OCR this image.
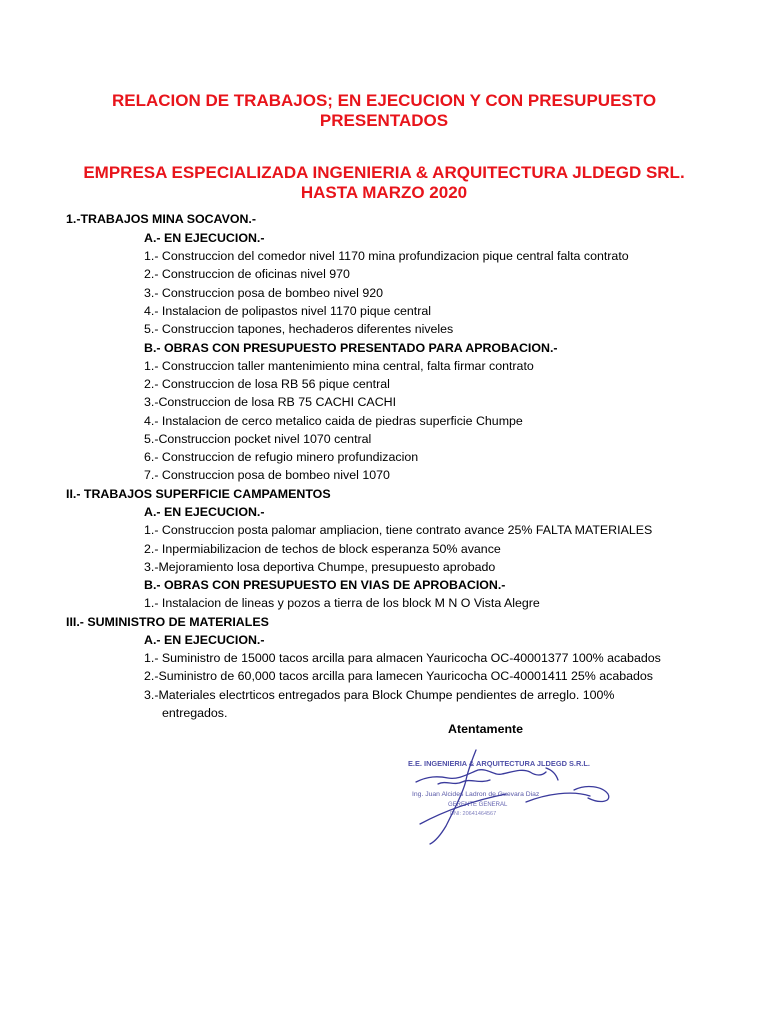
RELACION DE TRABAJOS; EN EJECUCION Y CON PRESUPUESTO
PRESENTADOS
EMPRESA ESPECIALIZADA INGENIERIA & ARQUITECTURA JLDEGD SRL.
HASTA MARZO 2020
1.-TRABAJOS MINA SOCAVON.-
A.- EN EJECUCION.-
1.- Construccion del comedor nivel 1170 mina profundizacion pique central falta contrato
2.- Construccion de oficinas nivel 970
3.- Construccion posa de bombeo nivel 920
4.- Instalacion de polipastos nivel 1170 pique central
5.- Construccion tapones, hechaderos diferentes niveles
B.- OBRAS CON PRESUPUESTO PRESENTADO PARA APROBACION.-
1.- Construccion taller mantenimiento mina central, falta firmar contrato
2.- Construccion de losa RB 56 pique central
3.-Construccion de losa RB 75 CACHI CACHI
4.- Instalacion de cerco metalico caida de piedras superficie Chumpe
5.-Construccion pocket nivel 1070 central
6.- Construccion de refugio minero profundizacion
7.- Construccion posa de bombeo nivel 1070
II.- TRABAJOS SUPERFICIE CAMPAMENTOS
A.- EN EJECUCION.-
1.- Construccion posta palomar ampliacion, tiene contrato avance 25% FALTA MATERIALES
2.- Inpermiabilizacion de techos de block esperanza 50% avance
3.-Mejoramiento losa deportiva Chumpe, presupuesto aprobado
B.- OBRAS CON PRESUPUESTO EN VIAS DE APROBACION.-
1.- Instalacion de lineas y pozos a tierra de los block M N O Vista Alegre
III.- SUMINISTRO DE MATERIALES
A.- EN EJECUCION.-
1.- Suministro de 15000 tacos arcilla para almacen Yauricocha OC-40001377 100% acabados
2.-Suministro de 60,000 tacos arcilla para lamecen Yauricocha OC-40001411 25% acabados
3.-Materiales electrticos entregados para Block Chumpe pendientes de arreglo. 100%
entregados.
Atentamente
E.E. INGENIERIA & ARQUITECTURA JLDEGD S.R.L.
Ing. Juan Alcides Ladron de Guevara Diaz
GERENTE GENERAL
DNI: 20641464567
